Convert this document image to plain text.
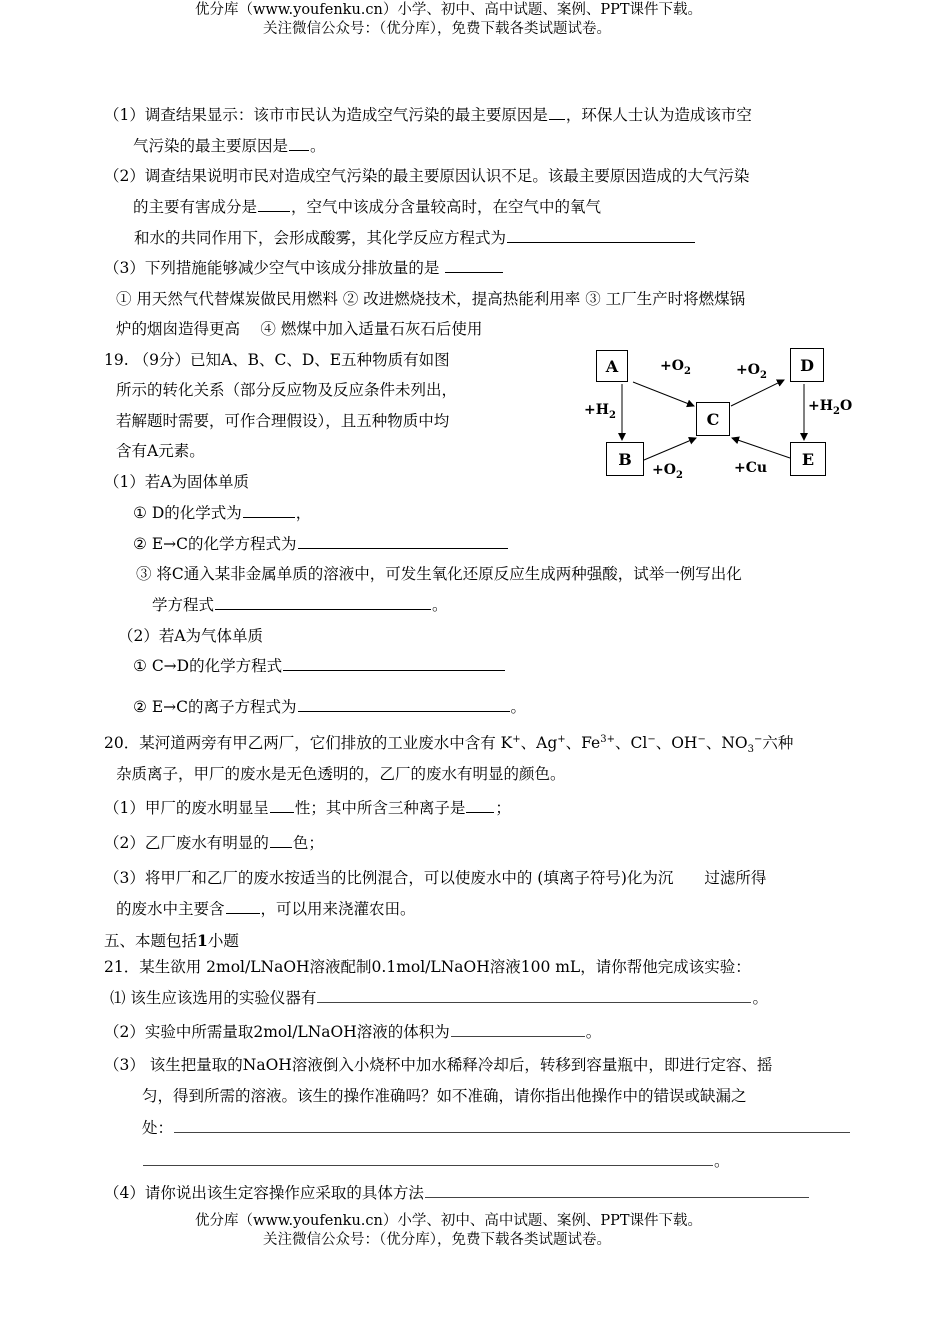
优分库（www.youfenku.cn）小学、初中、高中试题、案例、PPT课件下载。
关注微信公众号：（优分库），免费下载各类试题试卷。
（1）调查结果显示：该市市民认为造成空气污染的最主要原因是 ，环保人士认为造成该市空
气污染的最主要原因是 。
（2）调查结果说明市民对造成空气污染的最主要原因认识不足。该最主要原因造成的大气污染
的主要有害成分是 ，空气中该成分含量较高时，在空气中的氧气
和水的共同作用下，会形成酸雾，其化学反应方程式为
（3）下列措施能够减少空气中该成分排放量的是
① 用天然气代替煤炭做民用燃料 ② 改进燃烧技术，提高热能利用率 ③ 工厂生产时将燃煤锅
炉的烟囱造得更高　 ④ 燃煤中加入适量石灰石后使用
19. （9分）已知A、B、C、D、E五种物质有如图
所示的转化关系（部分反应物及反应条件未列出，
若解题时需要，可作合理假设），且五种物质中均
含有A元素。
A
B
C
D
E
$+O_2$
$+H_2$
$+O_2$
$+O_2$
$+H_2O$
+Cu
（1）若A为固体单质
① D的化学式为	，
② E→C的化学方程式为
③ 将C通入某非金属单质的溶液中，可发生氧化还原反应生成两种强酸，试举一例写出化
学方程式	。
（2）若A为气体单质
① C→D的化学方程式
② E→C的离子方程式为	。
20．某河道两旁有甲乙两厂，它们排放的工业废水中含有 K+、Ag+、$Fe^{3+}$、Cl−、OH−、$NO_3^-$六种
杂质离子，甲厂的废水是无色透明的，乙厂的废水有明显的颜色。
（1）甲厂的废水明显呈 性；其中所含三种离子是 ；
（2）乙厂废水有明显的 色；
（3）将甲厂和乙厂的废水按适当的比例混合，可以使废水中的 (填离子符号)化为沉　　过滤所得
的废水中主要含 ，可以用来浇灌农田。
五、本题包括1小题
21．某生欲用 2mol/LNaOH溶液配制0.1mol/LNaOH溶液100 mL，请你帮他完成该实验：
⑴ 该生应该选用的实验仪器有	。
（2）实验中所需量取2mol/LNaOH溶液的体积为	。
（3） 该生把量取的NaOH溶液倒入小烧杯中加水稀释冷却后，转移到容量瓶中，即进行定容、摇
匀，得到所需的溶液。该生的操作准确吗？如不准确，请你指出他操作中的错误或缺漏之
处：
。
（4）请你说出该生定容操作应采取的具体方法
优分库（www.youfenku.cn）小学、初中、高中试题、案例、PPT课件下载。
关注微信公众号：（优分库），免费下载各类试题试卷。
